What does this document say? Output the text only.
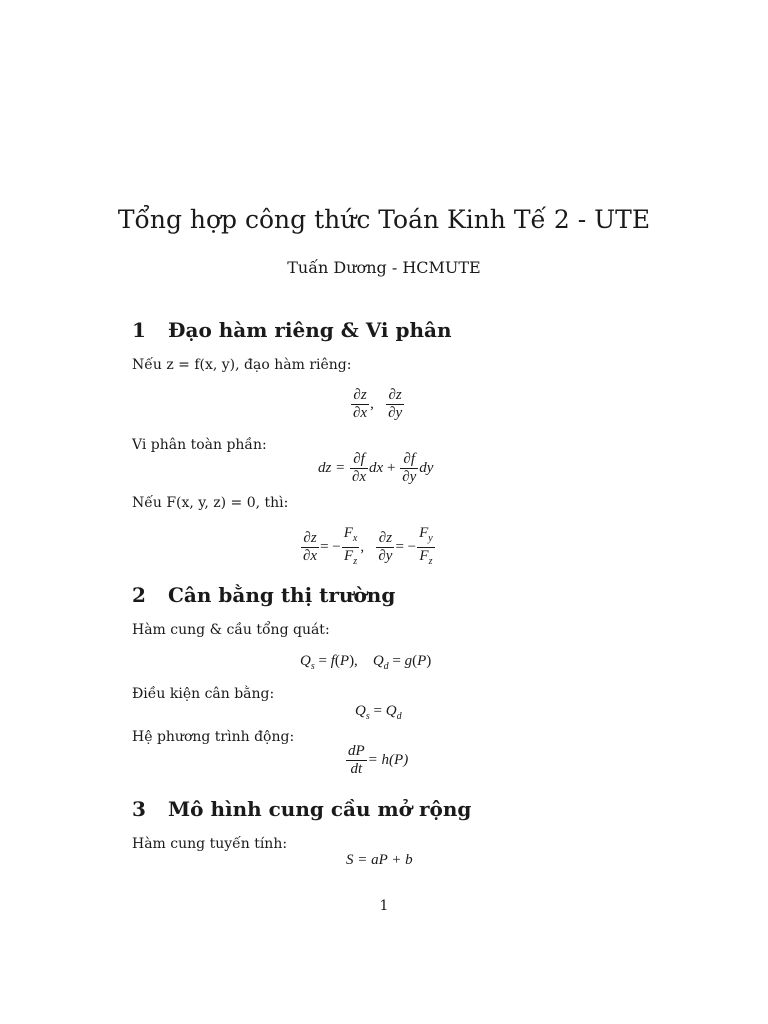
Tổng hợp công thức Toán Kinh Tế 2 - UTE
Tuấn Dương - HCMUTE
1 Đạo hàm riêng & Vi phân
Nếu z = f(x, y), đạo hàm riêng:
$\frac{\partial z}{\partial x}$ , $\frac{\partial z}{\partial y}$
Vi phân toàn phần:
dz = $\frac{\partial f}{\partial x}$ dx + $\frac{\partial f}{\partial y}$ dy
Nếu F(x, y, z) = 0, thì:
$\frac{\partial z}{\partial x}$ = − $\frac{F_x}{F_z}$ , $\frac{\partial z}{\partial y}$ = − $\frac{F_y}{F_z}$
2 Cân bằng thị trường
Hàm cung & cầu tổng quát:
$Q_s = f(P)$,    $Q_d = g(P)$
Điều kiện cân bằng:
$Q_s = Q_d$
Hệ phương trình động:
$\frac{dP}{dt} = h(P)$
3 Mô hình cung cầu mở rộng
Hàm cung tuyến tính:
S = aP + b
1
